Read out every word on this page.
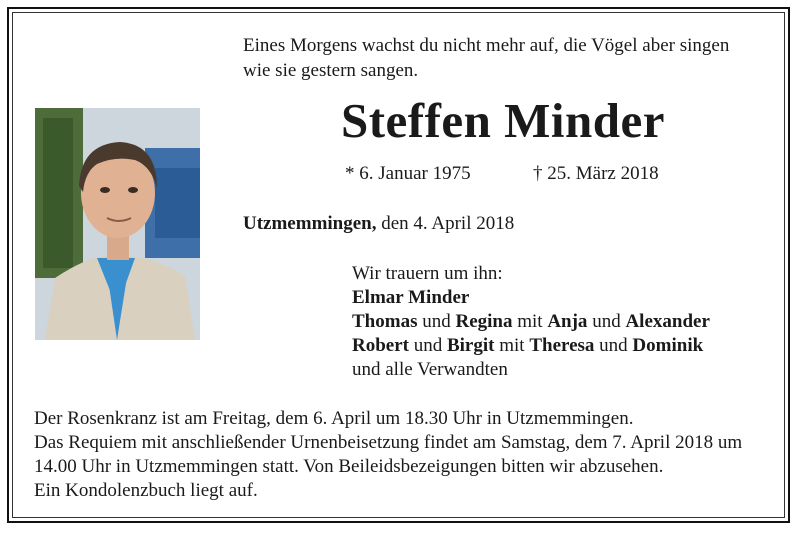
Eines Morgens wachst du nicht mehr auf, die Vögel aber singen
wie sie gestern sangen.
Steffen Minder
* 6. Januar 1975	† 25. März 2018
Utzmemmingen, den 4. April 2018
Wir trauern um ihn:
Elmar Minder
Thomas und Regina mit Anja und Alexander
Robert und Birgit mit Theresa und Dominik
und alle Verwandten
Der Rosenkranz ist am Freitag, dem 6. April um 18.30 Uhr in Utzmemmingen.
Das Requiem mit anschließender Urnenbeisetzung findet am Samstag, dem 7. April 2018 um
14.00 Uhr in Utzmemmingen statt. Von Beileidsbezeigungen bitten wir abzusehen.
Ein Kondolenzbuch liegt auf.
